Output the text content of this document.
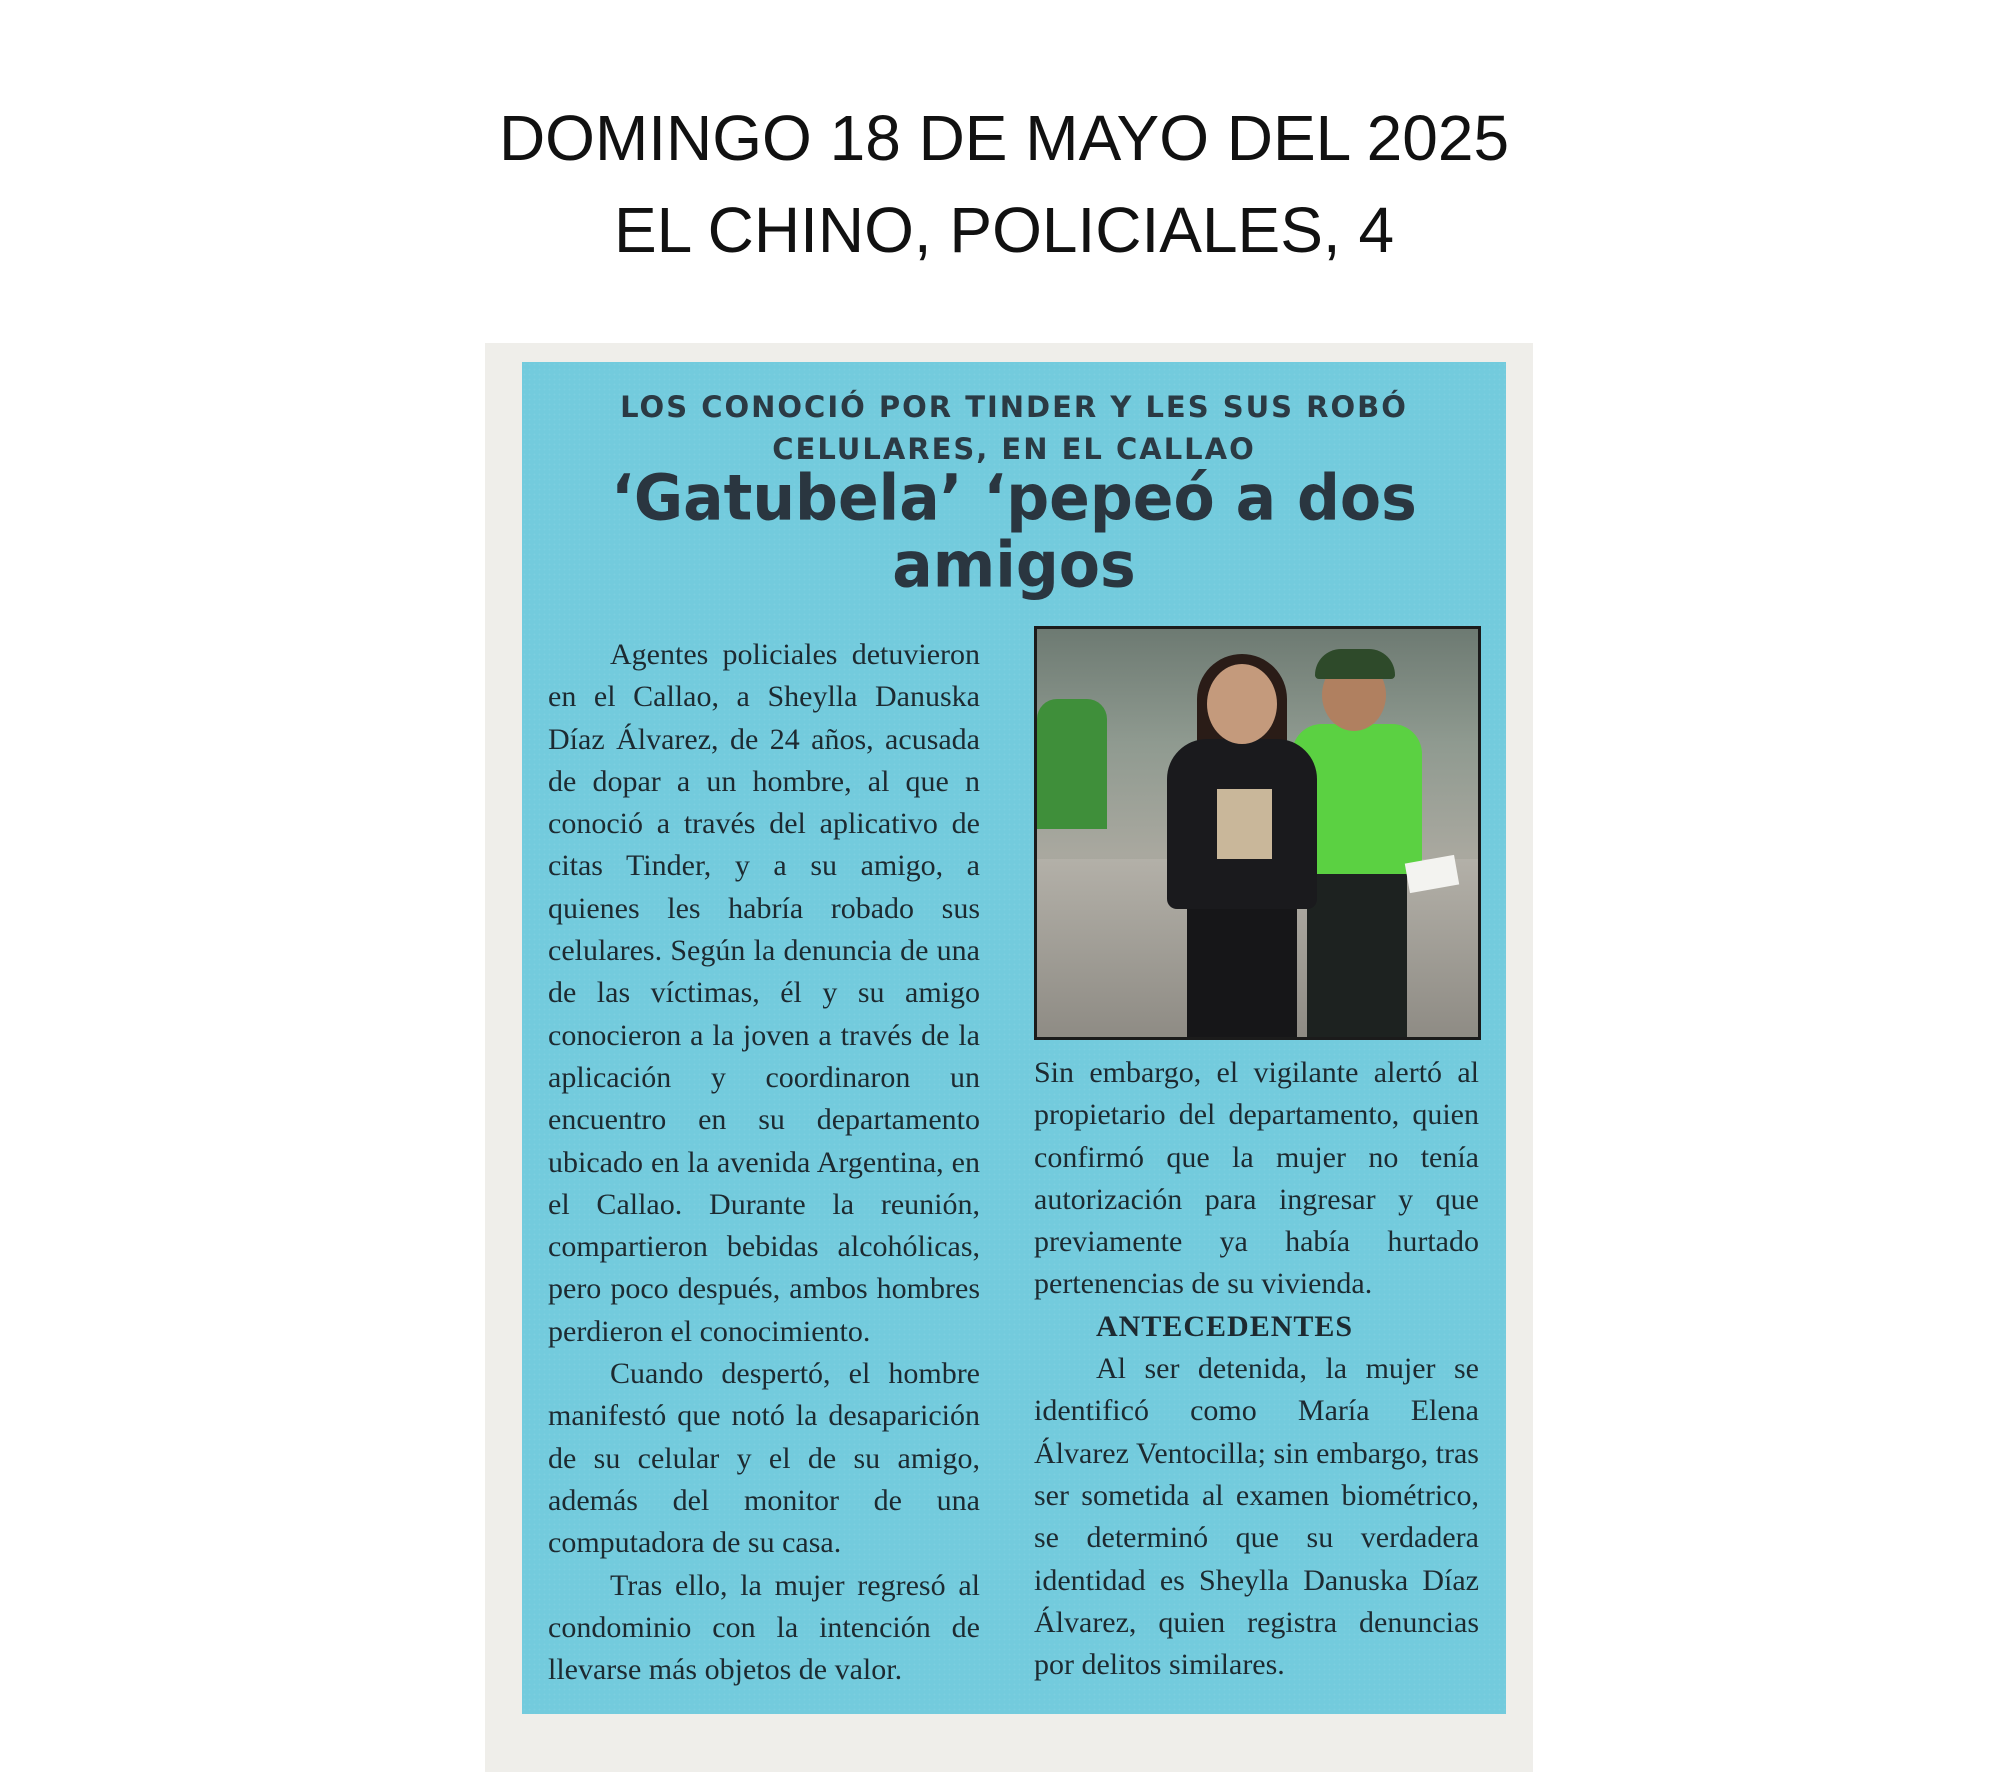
DOMINGO 18 DE MAYO DEL 2025
EL CHINO, POLICIALES, 4
LOS CONOCIÓ POR TINDER Y LES SUS ROBÓ
CELULARES, EN EL CALLAO
‘Gatubela’ ‘pepeó a dos
amigos

Agentes policiales detuvieron en el Callao, a Sheylla Danuska Díaz Álvarez, de 24 años, acusada de dopar a un hombre, al que n conoció a través del aplicativo de citas Tinder, y a su amigo, a quienes les habría robado sus celulares. Según la denuncia de una de las víctimas, él y su amigo conocieron a la joven a través de la aplicación y coordinaron un encuentro en su departamento ubicado en la avenida Argentina, en el Callao. Durante la reunión, compartieron bebidas alcohólicas, pero poco después, ambos hombres perdieron el conocimiento.

Cuando despertó, el hombre manifestó que notó la desaparición de su celular y el de su amigo, además del monitor de una computadora de su casa.

Tras ello, la mujer regresó al condominio con la intención de llevarse más objetos de valor.

Sin embargo, el vigilante alertó al propietario del departamento, quien confirmó que la mujer no tenía autorización para ingresar y que previamente ya había hurtado pertenencias de su vivienda.

ANTECEDENTES

Al ser detenida, la mujer se identificó como María Elena Álvarez Ventocilla; sin embargo, tras ser sometida al examen biométrico, se determinó que su verdadera identidad es Sheylla Danuska Díaz Álvarez, quien registra denuncias por delitos similares.
